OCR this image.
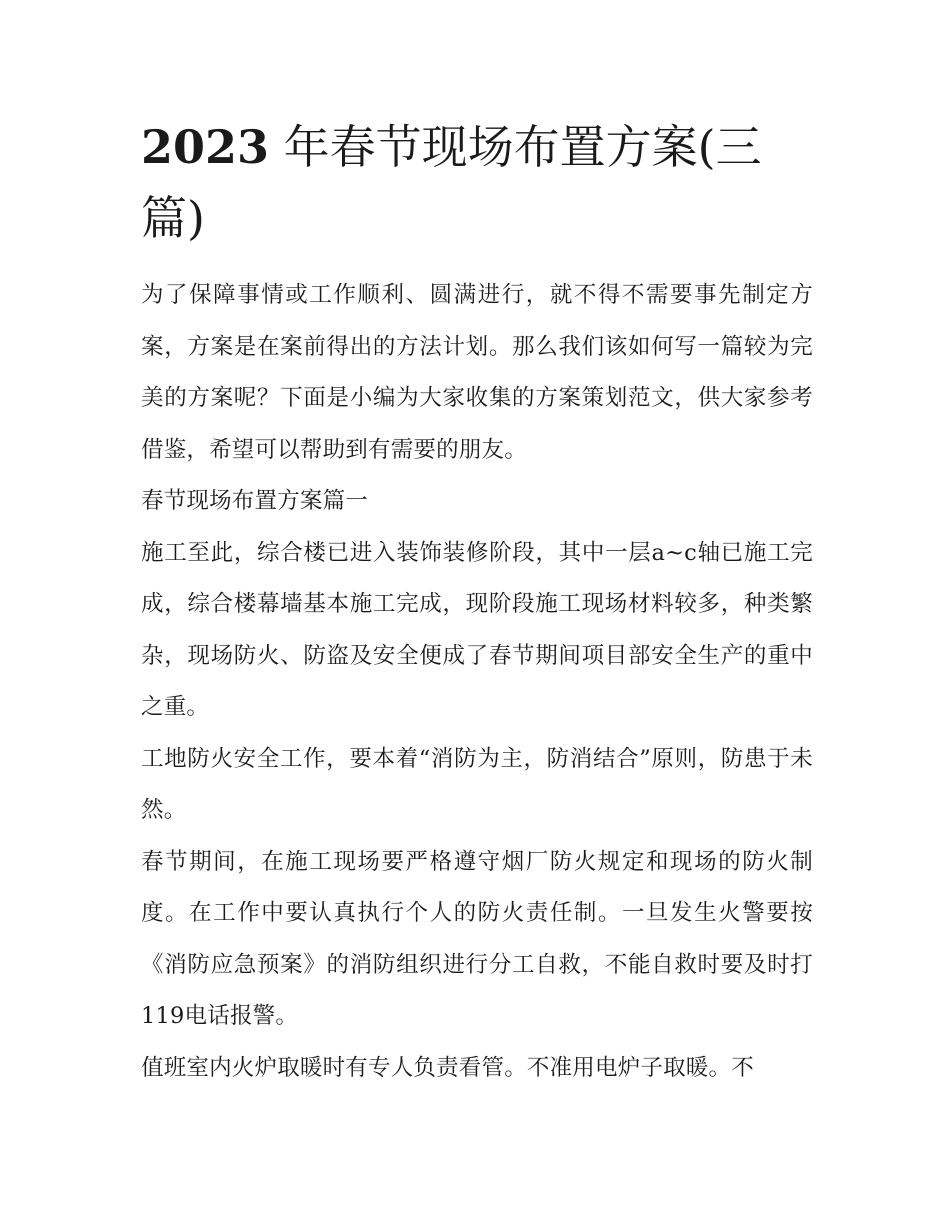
2023 年春节现场布置方案(三篇)

为了保障事情或工作顺利、圆满进行，就不得不需要事先制定方案，方案是在案前得出的方法计划。那么我们该如何写一篇较为完美的方案呢？下面是小编为大家收集的方案策划范文，供大家参考借鉴，希望可以帮助到有需要的朋友。

春节现场布置方案篇一

施工至此，综合楼已进入装饰装修阶段，其中一层a~c轴已施工完成，综合楼幕墙基本施工完成，现阶段施工现场材料较多，种类繁杂，现场防火、防盗及安全便成了春节期间项目部安全生产的重中之重。

工地防火安全工作，要本着“消防为主，防消结合”原则，防患于未然。

春节期间，在施工现场要严格遵守烟厂防火规定和现场的防火制度。在工作中要认真执行个人的防火责任制。一旦发生火警要按《消防应急预案》的消防组织进行分工自救，不能自救时要及时打119电话报警。

值班室内火炉取暖时有专人负责看管。不准用电炉子取暖。不
